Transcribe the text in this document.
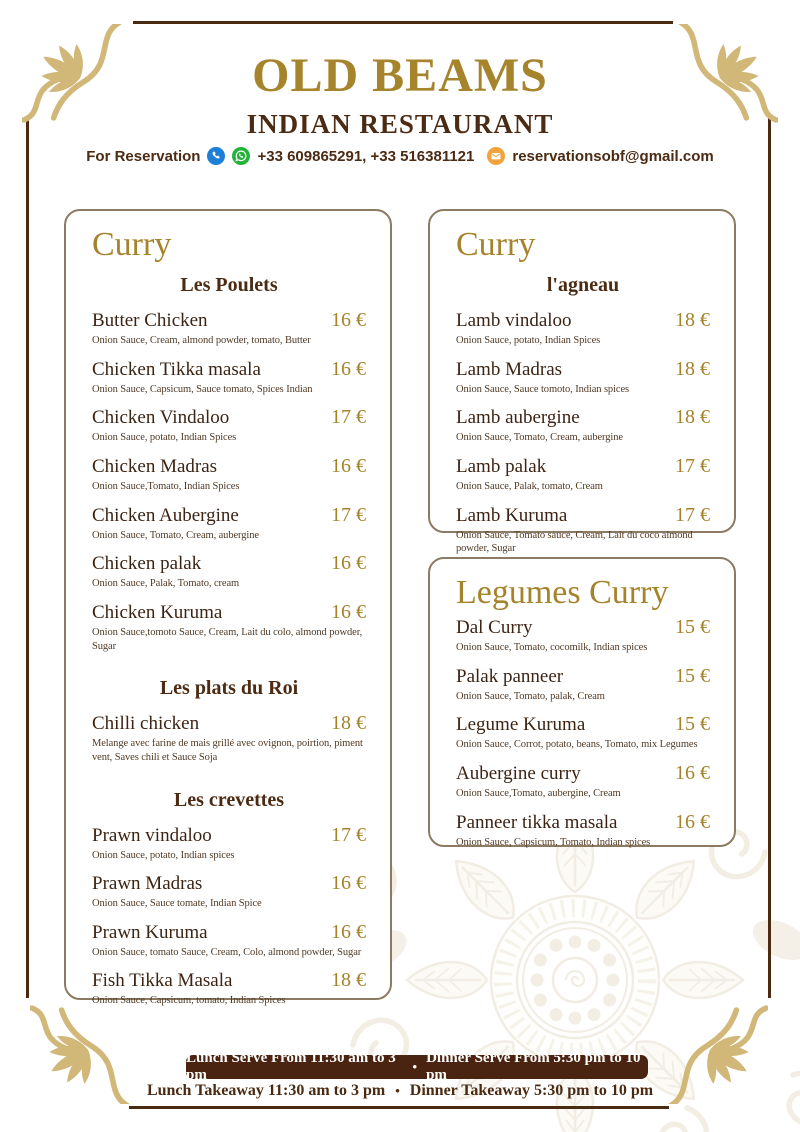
OLD BEAMS
INDIAN RESTAURANT
For Reservation	+33 609865291, +33 516381121	reservationsobf@gmail.com
Curry
Les Poulets
Butter Chicken	16 €
Onion Sauce, Cream, almond powder, tomato, Butter
Chicken Tikka masala	16 €
Onion Sauce, Capsicum, Sauce tomato, Spices Indian
Chicken Vindaloo	17 €
Onion Sauce, potato, Indian Spices
Chicken Madras	16 €
Onion Sauce,Tomato, Indian Spices
Chicken Aubergine	17 €
Onion Sauce, Tomato, Cream, aubergine
Chicken palak	16 €
Onion Sauce, Palak, Tomato, cream
Chicken Kuruma	16 €
Onion Sauce,tomoto Sauce, Cream, Lait du colo, almond powder, Sugar
Les plats du Roi
Chilli chicken	18 €
Melange avec farine de mais grillé avec ovignon, poirtion, piment vent, Saves chili et Sauce Soja
Les crevettes
Prawn vindaloo	17 €
Onion Sauce, potato, Indian spices
Prawn Madras	16 €
Onion Sauce, Sauce tomate, Indian Spice
Prawn Kuruma	16 €
Onion Sauce, tomato Sauce, Cream, Colo, almond powder, Sugar
Fish Tikka Masala	18 €
Onion Sauce, Capsicum, tomato, Indian Spices
Curry
l'agneau
Lamb vindaloo	18 €
Onion Sauce, potato, Indian Spices
Lamb Madras	18 €
Onion Sauce, Sauce tomoto, Indian spices
Lamb aubergine	18 €
Onion Sauce, Tomato, Cream, aubergine
Lamb palak	17 €
Onion Sauce, Palak, tomato, Cream
Lamb Kuruma	17 €
Onion Sauce, Tomato sauce, Cream, Lait du coco almond powder, Sugar
Legumes Curry
Dal Curry	15 €
Onion Sauce, Tomato, cocomilk, Indian spices
Palak panneer	15 €
Onion Sauce, Tomato, palak, Cream
Legume Kuruma	15 €
Onion Sauce, Corrot, potato, beans, Tomato, mix Legumes
Aubergine curry	16 €
Onion Sauce,Tomato, aubergine, Cream
Panneer tikka masala	16 €
Onion Sauce, Capsicum, Tomato, Indian spices
Lunch Serve From 11:30 am to 3 pm
•
Dinner Serve From 5:30 pm to 10 pm
Lunch Takeaway 11:30 am to 3 pm • Dinner Takeaway 5:30 pm to 10 pm
